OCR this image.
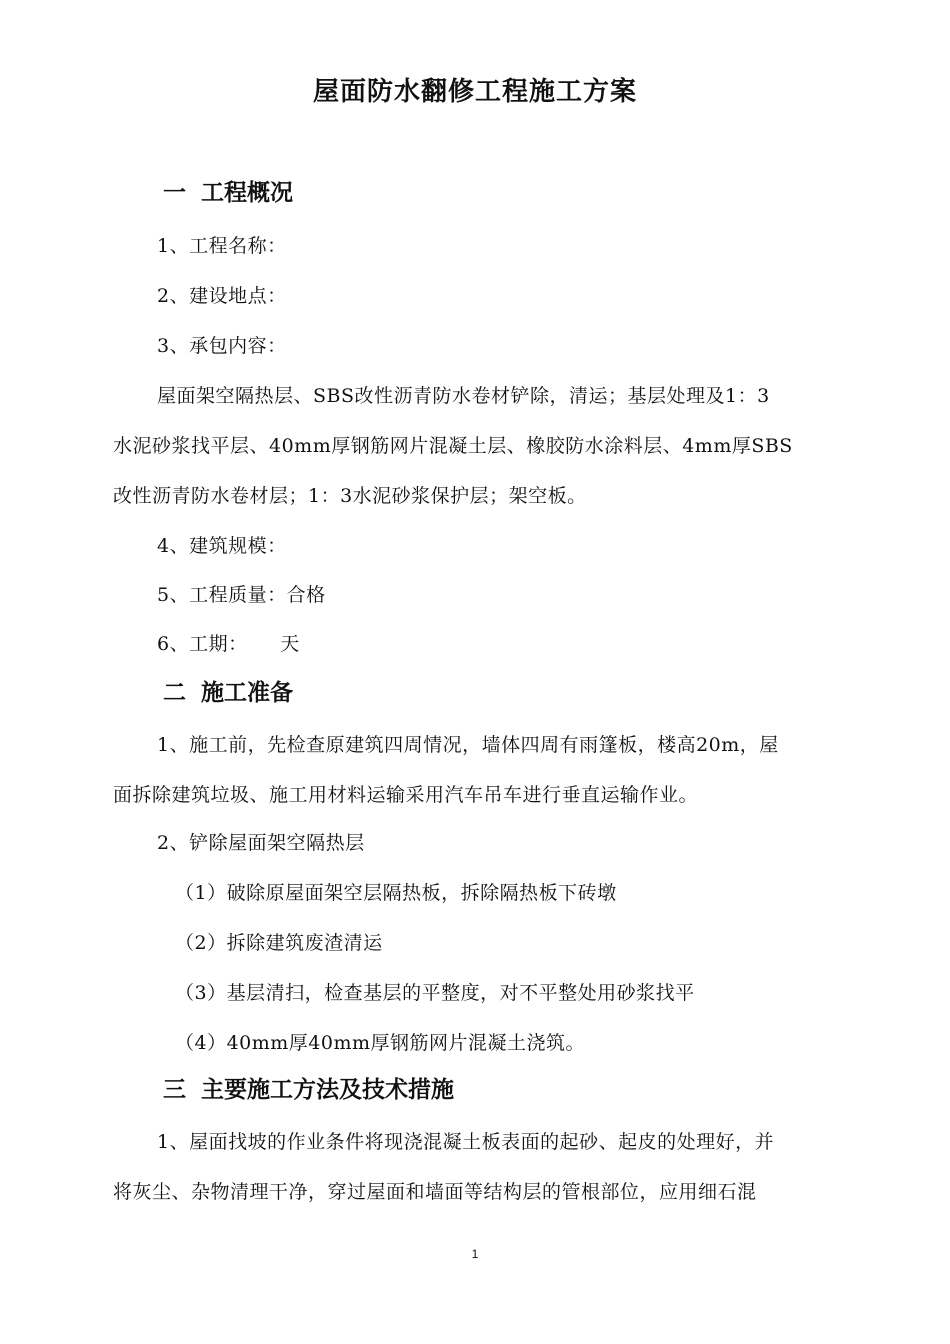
屋面防水翻修工程施工方案
一 工程概况
1、工程名称：
2、建设地点：
3、承包内容：
屋面架空隔热层、SBS改性沥青防水卷材铲除，清运；基层处理及1：3
水泥砂浆找平层、40mm厚钢筋网片混凝土层、橡胶防水涂料层、4mm厚SBS
改性沥青防水卷材层；1：3水泥砂浆保护层；架空板。
4、建筑规模：
5、工程质量：合格
6、工期：     天
二 施工准备
1、施工前，先检查原建筑四周情况，墙体四周有雨篷板，楼高20m，屋
面拆除建筑垃圾、施工用材料运输采用汽车吊车进行垂直运输作业。
2、铲除屋面架空隔热层
（1）破除原屋面架空层隔热板，拆除隔热板下砖墩
（2）拆除建筑废渣清运
（3）基层清扫，检查基层的平整度，对不平整处用砂浆找平
（4）40mm厚40mm厚钢筋网片混凝土浇筑。
三 主要施工方法及技术措施
1、屋面找坡的作业条件将现浇混凝土板表面的起砂、起皮的处理好，并
将灰尘、杂物清理干净，穿过屋面和墙面等结构层的管根部位，应用细石混
1
